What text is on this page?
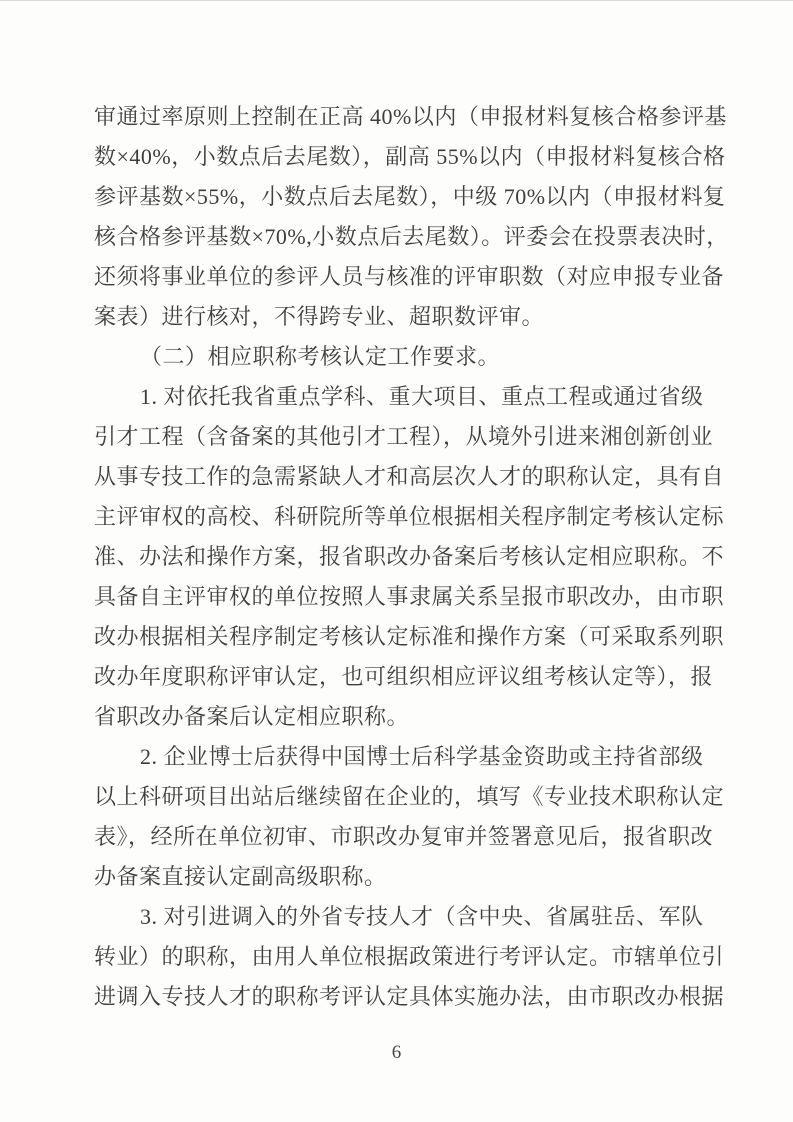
审通过率原则上控制在正高 40%以内（申报材料复核合格参评基
数×40%，小数点后去尾数），副高 55%以内（申报材料复核合格
参评基数×55%，小数点后去尾数），中级 70%以内（申报材料复
核合格参评基数×70%,小数点后去尾数）。评委会在投票表决时，
还须将事业单位的参评人员与核准的评审职数（对应申报专业备
案表）进行核对，不得跨专业、超职数评审。
（二）相应职称考核认定工作要求。
1. 对依托我省重点学科、重大项目、重点工程或通过省级
引才工程（含备案的其他引才工程），从境外引进来湘创新创业
从事专技工作的急需紧缺人才和高层次人才的职称认定，具有自
主评审权的高校、科研院所等单位根据相关程序制定考核认定标
准、办法和操作方案，报省职改办备案后考核认定相应职称。不
具备自主评审权的单位按照人事隶属关系呈报市职改办，由市职
改办根据相关程序制定考核认定标准和操作方案（可采取系列职
改办年度职称评审认定，也可组织相应评议组考核认定等），报
省职改办备案后认定相应职称。
2. 企业博士后获得中国博士后科学基金资助或主持省部级
以上科研项目出站后继续留在企业的，填写《专业技术职称认定
表》，经所在单位初审、市职改办复审并签署意见后，报省职改
办备案直接认定副高级职称。
3. 对引进调入的外省专技人才（含中央、省属驻岳、军队
转业）的职称，由用人单位根据政策进行考评认定。市辖单位引
进调入专技人才的职称考评认定具体实施办法，由市职改办根据
6
